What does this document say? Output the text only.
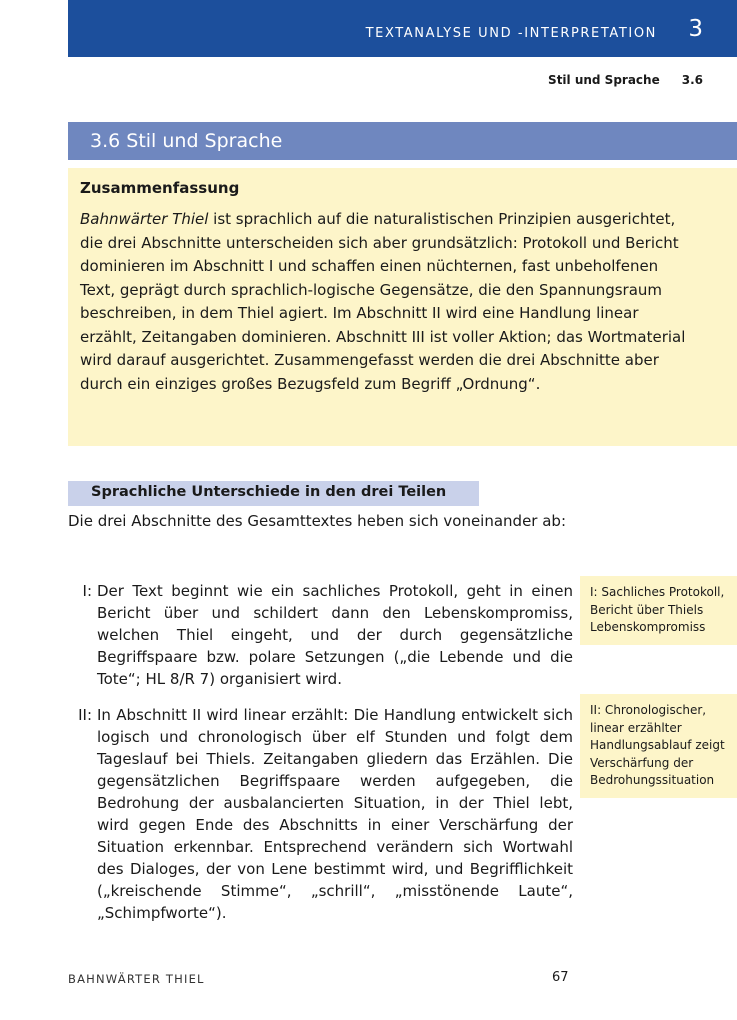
TEXTANALYSE UND -INTERPRETATION 3
Stil und Sprache 3.6
3.6 Stil und Sprache
Zusammenfassung
Bahnwärter Thiel ist sprachlich auf die naturalistischen Prinzipien ausgerichtet, die drei Abschnitte unterscheiden sich aber grundsätzlich: Protokoll und Bericht dominieren im Abschnitt I und schaffen einen nüchternen, fast unbeholfenen Text, geprägt durch sprachlich-logische Gegensätze, die den Spannungsraum beschreiben, in dem Thiel agiert. Im Abschnitt II wird eine Handlung linear erzählt, Zeitangaben dominieren. Abschnitt III ist voller Aktion; das Wortmaterial wird darauf ausgerichtet. Zusammengefasst werden die drei Abschnitte aber durch ein einziges großes Bezugsfeld zum Begriff „Ordnung“.
Sprachliche Unterschiede in den drei Teilen
Die drei Abschnitte des Gesamttextes heben sich voneinander ab:
I: Der Text beginnt wie ein sachliches Protokoll, geht in einen Bericht über und schildert dann den Lebenskompromiss, welchen Thiel eingeht, und der durch gegensätzliche Begriffspaare bzw. polare Setzungen („die Lebende und die Tote“; HL 8/R 7) organisiert wird.
II: In Abschnitt II wird linear erzählt: Die Handlung entwickelt sich logisch und chronologisch über elf Stunden und folgt dem Tageslauf bei Thiels. Zeitangaben gliedern das Erzählen. Die gegensätzlichen Begriffspaare werden aufgegeben, die Bedrohung der ausbalancierten Situation, in der Thiel lebt, wird gegen Ende des Abschnitts in einer Verschärfung der Situation erkennbar. Entsprechend verändern sich Wortwahl des Dialoges, der von Lene bestimmt wird, und Begrifflichkeit („kreischende Stimme“, „schrill“, „misstönende Laute“, „Schimpfworte“).
I: Sachliches Protokoll, Bericht über Thiels Lebenskompromiss
II: Chronologischer, linear erzählter Handlungsablauf zeigt Verschärfung der Bedrohungssituation
BAHNWÄRTER THIEL	67
